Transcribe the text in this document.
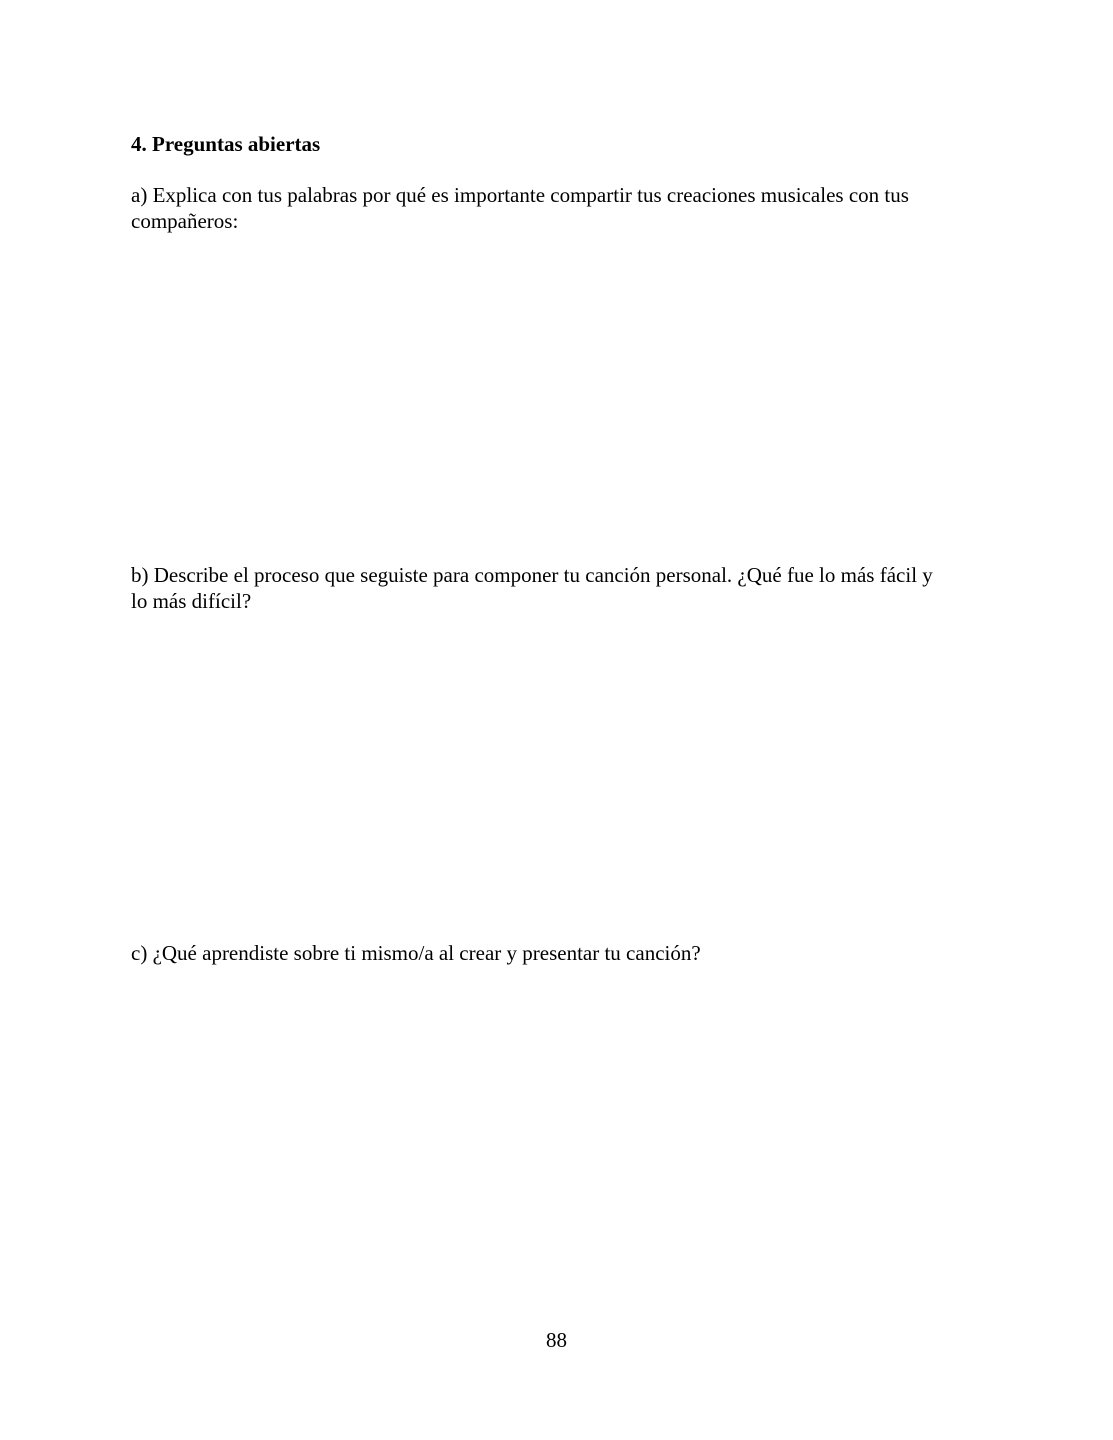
4. Preguntas abiertas
a) Explica con tus palabras por qué es importante compartir tus creaciones musicales con tus
compañeros:
b) Describe el proceso que seguiste para componer tu canción personal. ¿Qué fue lo más fácil y
lo más difícil?
c) ¿Qué aprendiste sobre ti mismo/a al crear y presentar tu canción?
88
